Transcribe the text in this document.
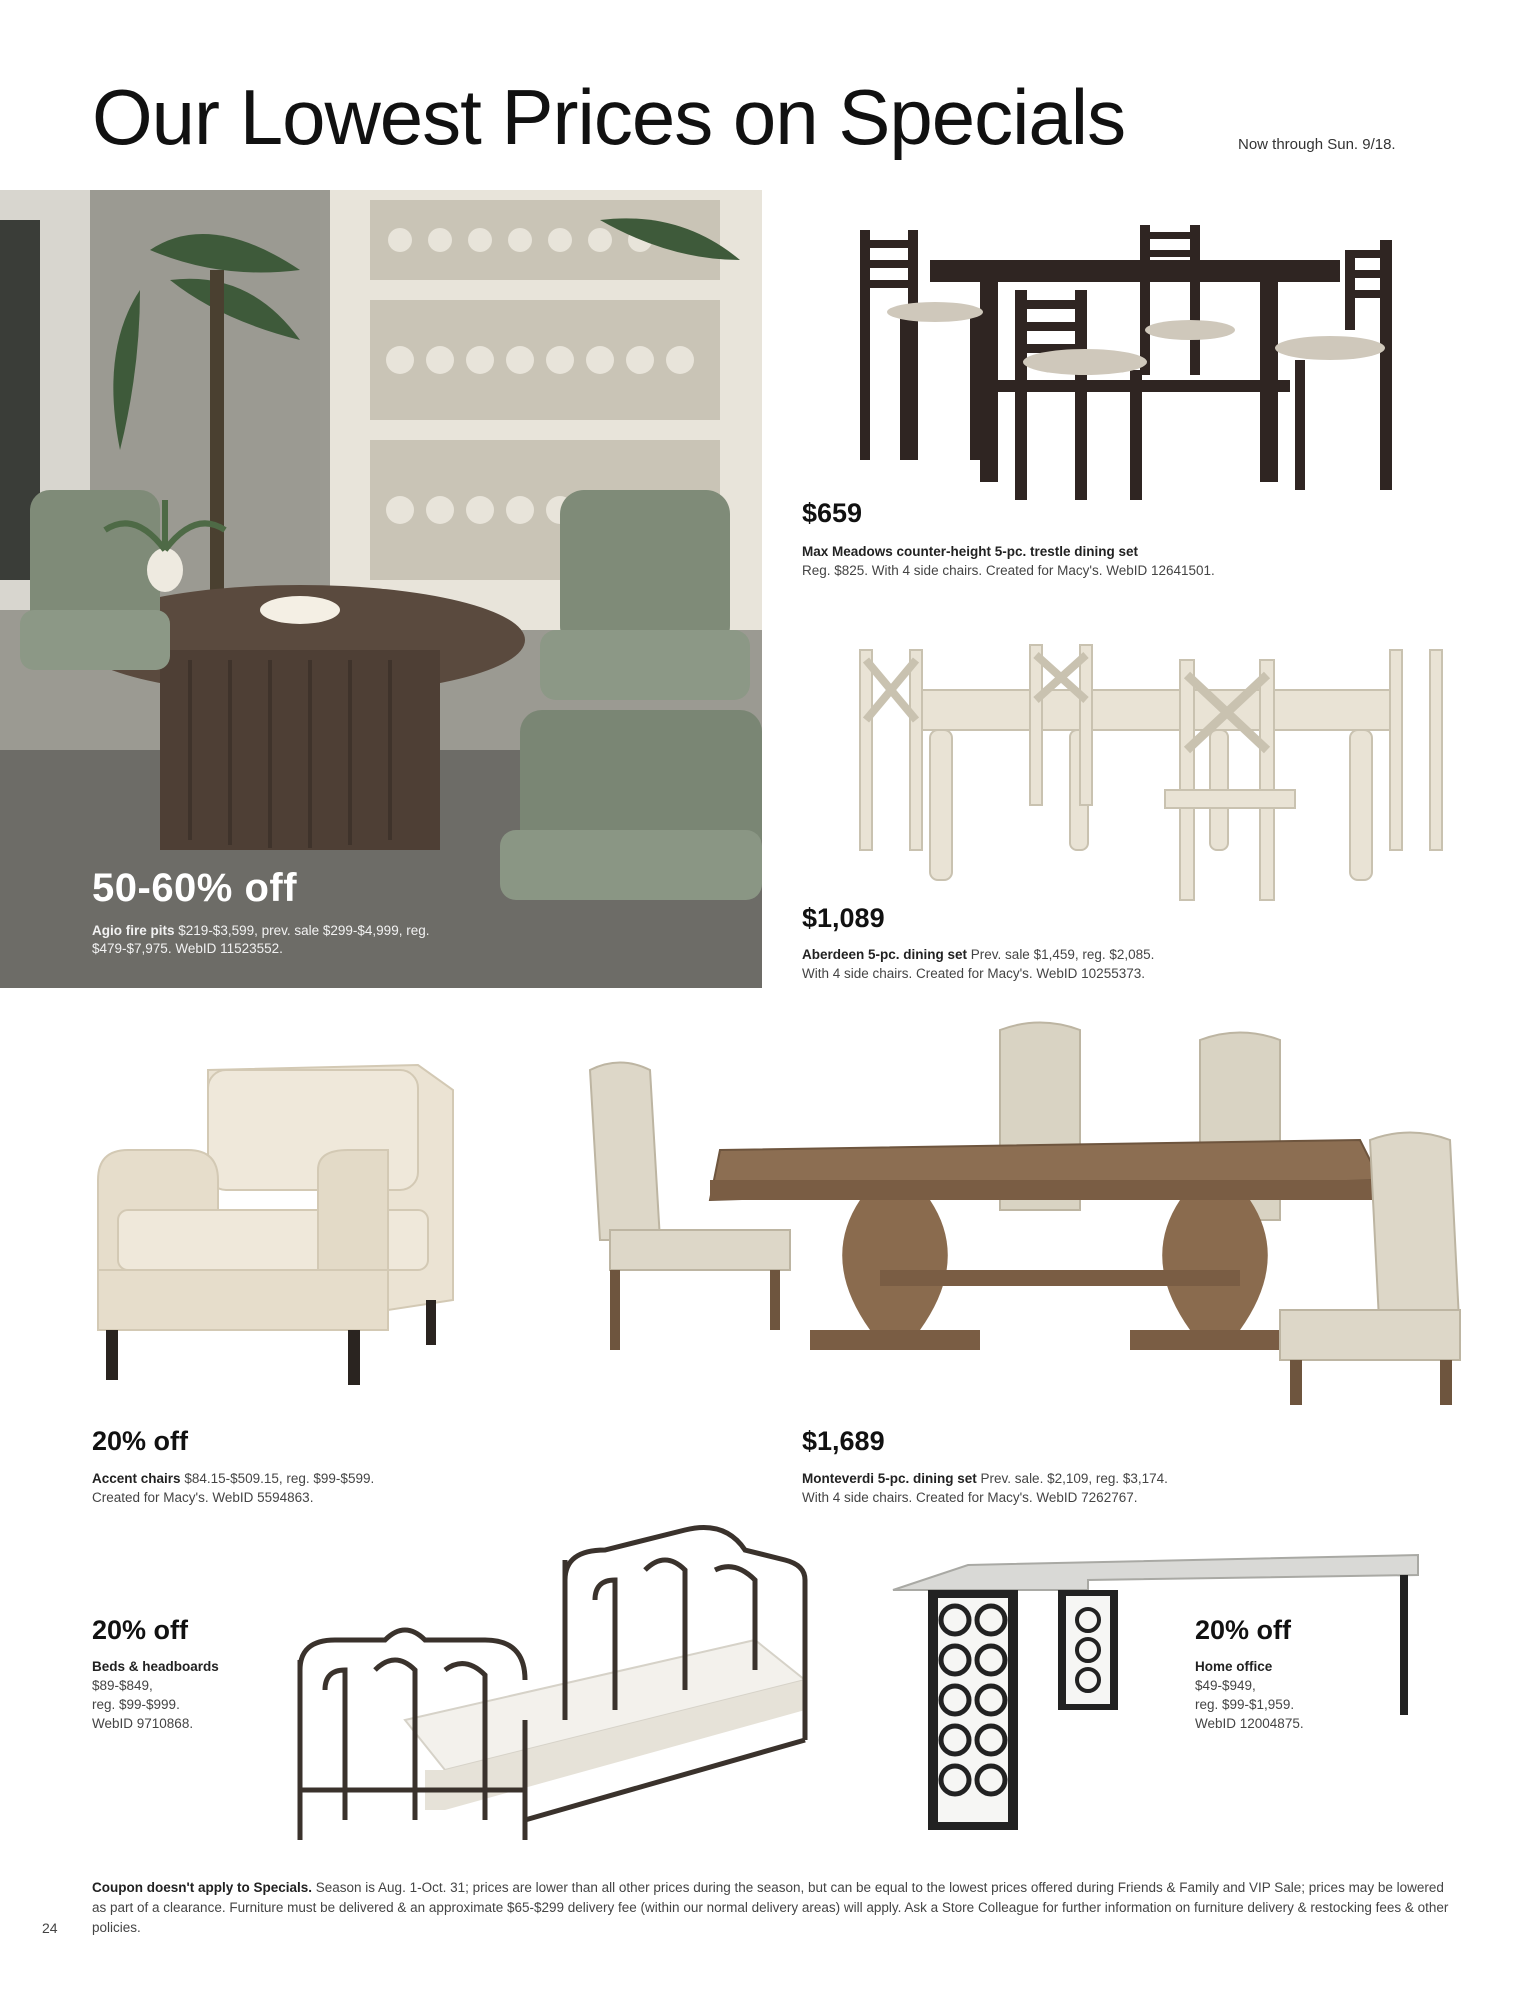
Our Lowest Prices on Specials	Now through Sun. 9/18.
50-60% off
Agio fire pits $219-$3,599, prev. sale $299-$4,999, reg. $479-$7,975. WebID 11523552.
$659
Max Meadows counter-height 5-pc. trestle dining set
Reg. $825. With 4 side chairs. Created for Macy's. WebID 12641501.
$1,089
Aberdeen 5-pc. dining set Prev. sale $1,459, reg. $2,085.
With 4 side chairs. Created for Macy's. WebID 10255373.
20% off
Accent chairs $84.15-$509.15, reg. $99-$599.
Created for Macy's. WebID 5594863.
$1,689
Monteverdi 5-pc. dining set Prev. sale. $2,109, reg. $3,174.
With 4 side chairs. Created for Macy's. WebID 7262767.
20% off
Beds & headboards
$89-$849,
reg. $99-$999.
WebID 9710868.
20% off
Home office
$49-$949,
reg. $99-$1,959.
WebID 12004875.
Coupon doesn't apply to Specials. Season is Aug. 1-Oct. 31; prices are lower than all other prices during the season, but can be equal to the lowest prices offered during Friends & Family and VIP Sale; prices may be lowered as part of a clearance. Furniture must be delivered & an approximate $65-$299 delivery fee (within our normal delivery areas) will apply. Ask a Store Colleague for further information on furniture delivery & restocking fees & other policies.
24
